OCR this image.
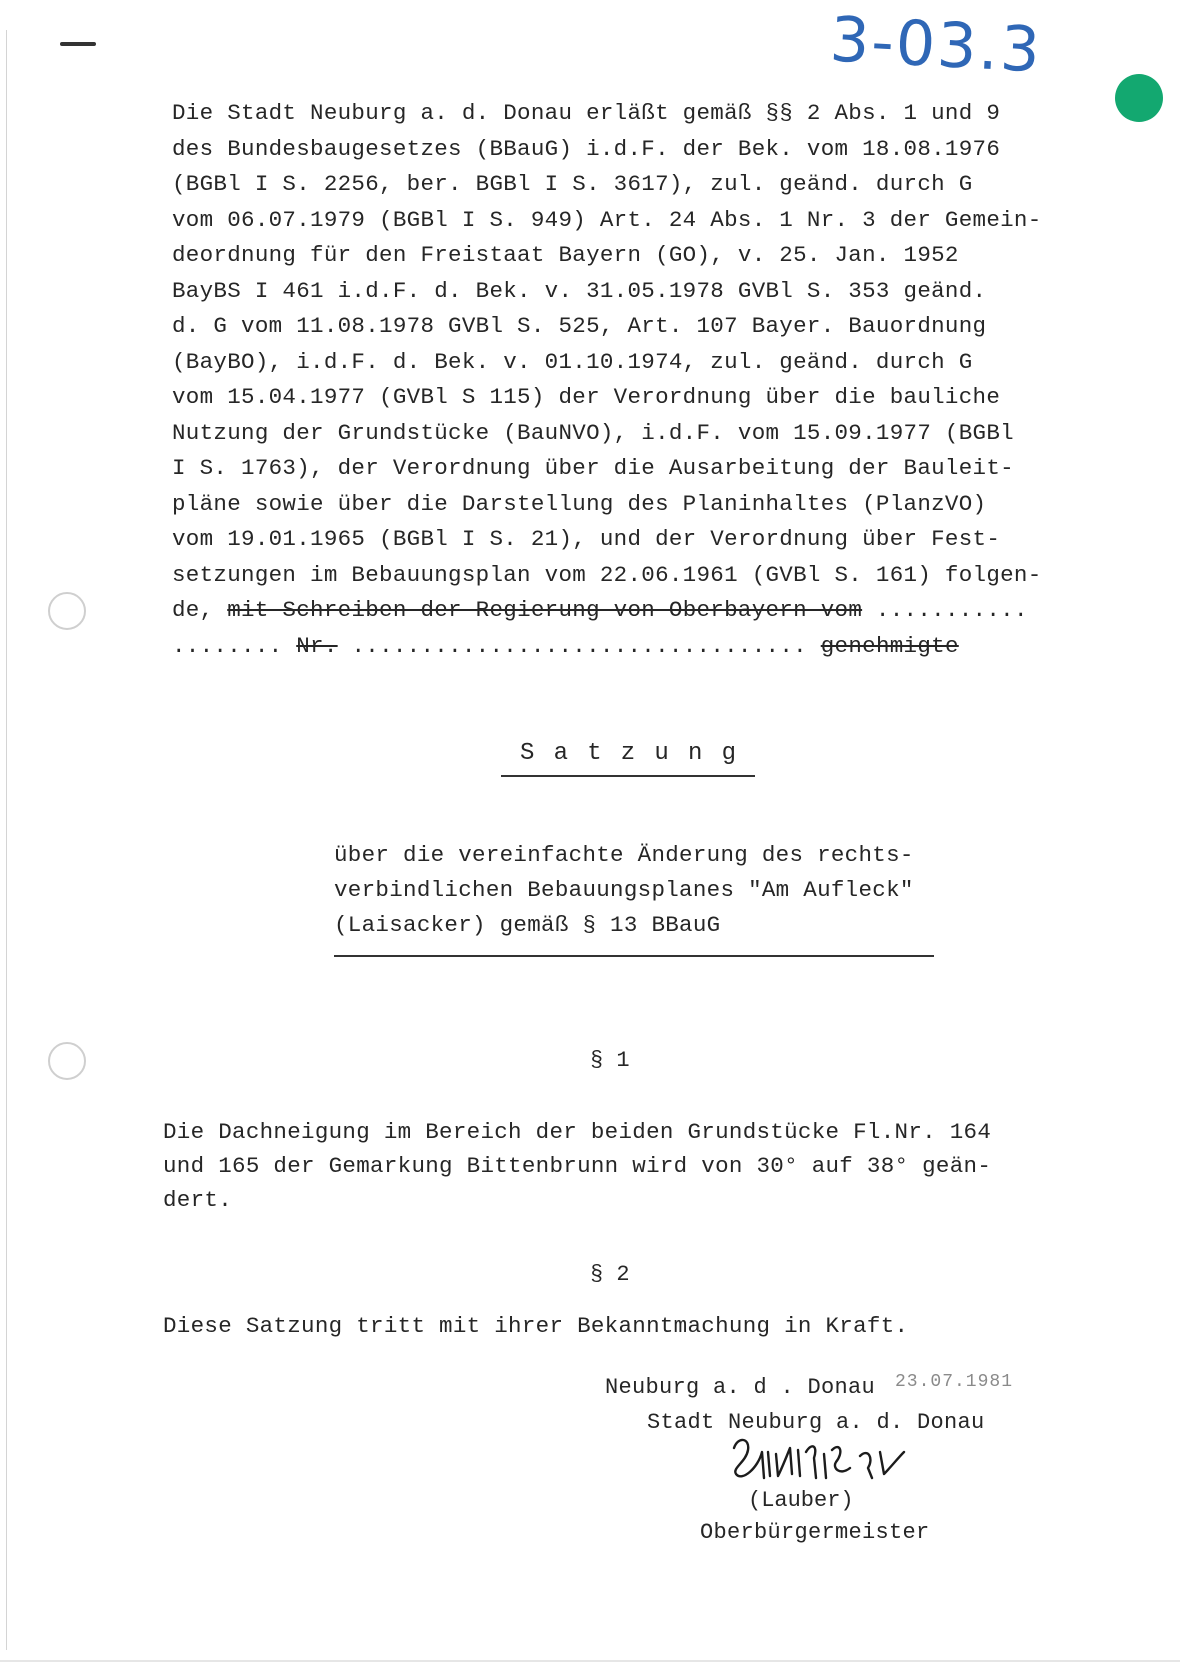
3-03.3
Die Stadt Neuburg a. d. Donau erläßt gemäß §§ 2 Abs. 1 und 9
des Bundesbaugesetzes (BBauG) i.d.F. der Bek. vom 18.08.1976
(BGBl I S. 2256, ber. BGBl I S. 3617), zul. geänd. durch G
vom 06.07.1979 (BGBl I S. 949) Art. 24 Abs. 1 Nr. 3 der Gemein-
deordnung für den Freistaat Bayern (GO), v. 25. Jan. 1952
BayBS I 461 i.d.F. d. Bek. v. 31.05.1978 GVBl S. 353 geänd.
d. G vom 11.08.1978 GVBl S. 525, Art. 107 Bayer. Bauordnung
(BayBO), i.d.F. d. Bek. v. 01.10.1974, zul. geänd. durch G
vom 15.04.1977 (GVBl S 115) der Verordnung über die bauliche
Nutzung der Grundstücke (BauNVO), i.d.F. vom 15.09.1977 (BGBl
I S. 1763), der Verordnung über die Ausarbeitung der Bauleit-
pläne sowie über die Darstellung des Planinhaltes (PlanzVO)
vom 19.01.1965 (BGBl I S. 21), und der Verordnung über Fest-
setzungen im Bebauungsplan vom 22.06.1961 (GVBl S. 161) folgen-
de, mit Schreiben der Regierung von Oberbayern vom ...........
........ Nr. ................................. genehmigte
Satzung
über die vereinfachte Änderung des rechts-
verbindlichen Bebauungsplanes "Am Aufleck"
(Laisacker) gemäß § 13 BBauG
§ 1
Die Dachneigung im Bereich der beiden Grundstücke Fl.Nr. 164
und 165 der Gemarkung Bittenbrunn wird von 30° auf 38° geän-
dert.
§ 2
Diese Satzung tritt mit ihrer Bekanntmachung in Kraft.
Neuburg a. d . Donau 23.07.1981
Stadt Neuburg a. d. Donau
(Lauber)
Oberbürgermeister
